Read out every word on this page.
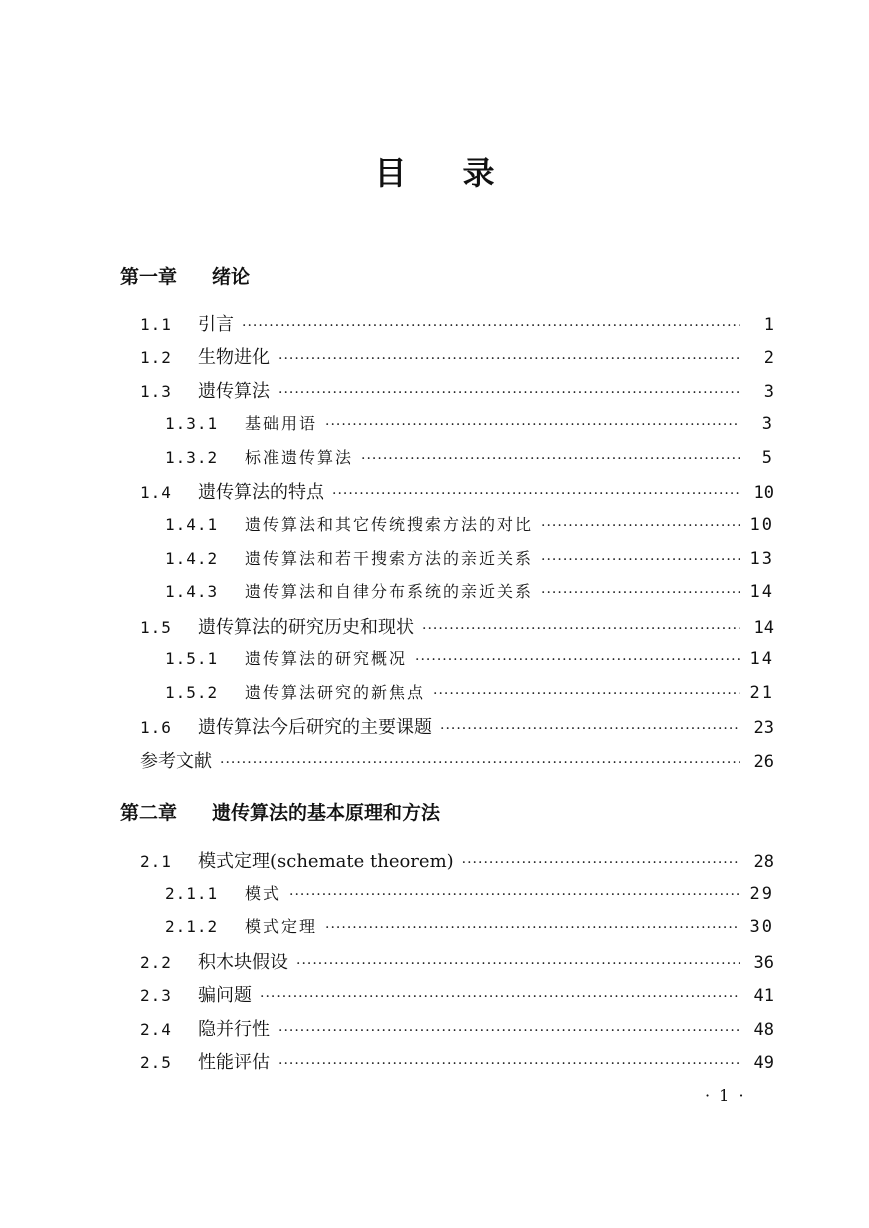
目 录
第一章 绪论
1.1	引言 ·····	1
1.2	生物进化 ·····	2
1.3	遗传算法 ·····	3
1.3.1	基础用语 ·····	3
1.3.2	标准遗传算法 ·····	5
1.4	遗传算法的特点 ·····	10
1.4.1	遗传算法和其它传统搜索方法的对比 ·····	10
1.4.2	遗传算法和若干搜索方法的亲近关系 ·····	13
1.4.3	遗传算法和自律分布系统的亲近关系 ·····	14
1.5	遗传算法的研究历史和现状 ·····	14
1.5.1	遗传算法的研究概况 ·····	14
1.5.2	遗传算法研究的新焦点 ·····	21
1.6	遗传算法今后研究的主要课题 ·····	23
参考文献 ·····	26
第二章 遗传算法的基本原理和方法
2.1	模式定理(schemate theorem) ·····	28
2.1.1	模式 ·····	29
2.1.2	模式定理 ·····	30
2.2	积木块假设 ·····	36
2.3	骗问题 ·····	41
2.4	隐并行性 ·····	48
2.5	性能评估 ·····	49
· 1 ·
